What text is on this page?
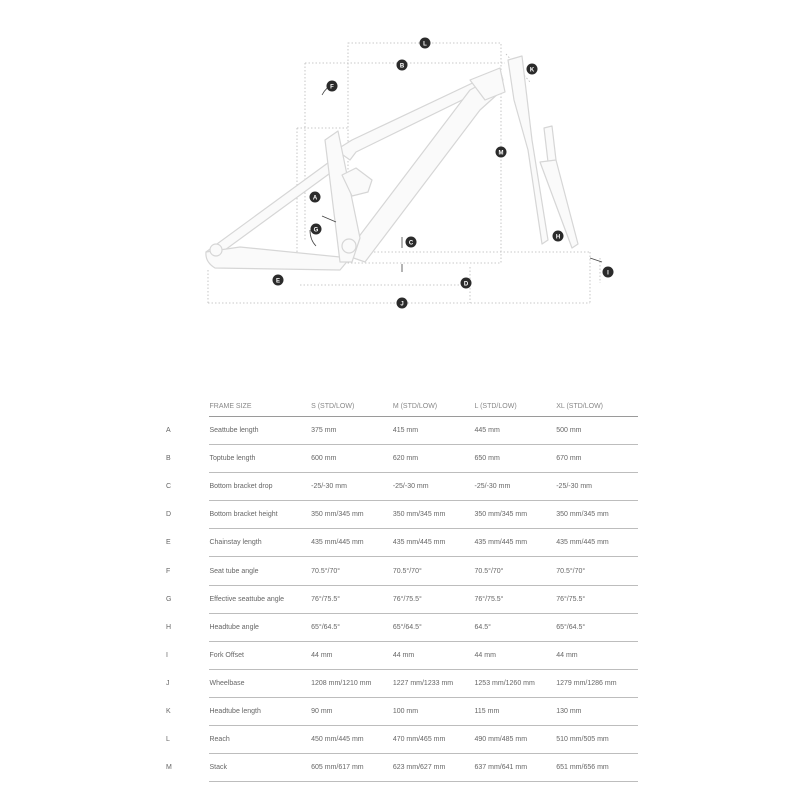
L
K
B
F
M
A
G
C
H
E	D
I
J
	FRAME SIZE	S (STD/LOW)	M (STD/LOW)	L (STD/LOW)	XL (STD/LOW)
A	Seattube length	375 mm	415 mm	445 mm	500 mm
B	Toptube length	600 mm	620 mm	650 mm	670 mm
C	Bottom bracket drop	-25/-30 mm	-25/-30 mm	-25/-30 mm	-25/-30 mm
D	Bottom bracket height	350 mm/345 mm	350 mm/345 mm	350 mm/345 mm	350 mm/345 mm
E	Chainstay length	435 mm/445 mm	435 mm/445 mm	435 mm/445 mm	435 mm/445 mm
F	Seat tube angle	70.5°/70°	70.5°/70°	70.5°/70°	70.5°/70°
G	Effective seattube angle	76°/75.5°	76°/75.5°	76°/75.5°	76°/75.5°
H	Headtube angle	65°/64.5°	65°/64.5°	64.5°	65°/64.5°
I	Fork Offset	44 mm	44 mm	44 mm	44 mm
J	Wheelbase	1208 mm/1210 mm	1227 mm/1233 mm	1253 mm/1260 mm	1279 mm/1286 mm
K	Headtube length	90 mm	100 mm	115 mm	130 mm
L	Reach	450 mm/445 mm	470 mm/465 mm	490 mm/485 mm	510 mm/505 mm
M	Stack	605 mm/617 mm	623 mm/627 mm	637 mm/641 mm	651 mm/656 mm
